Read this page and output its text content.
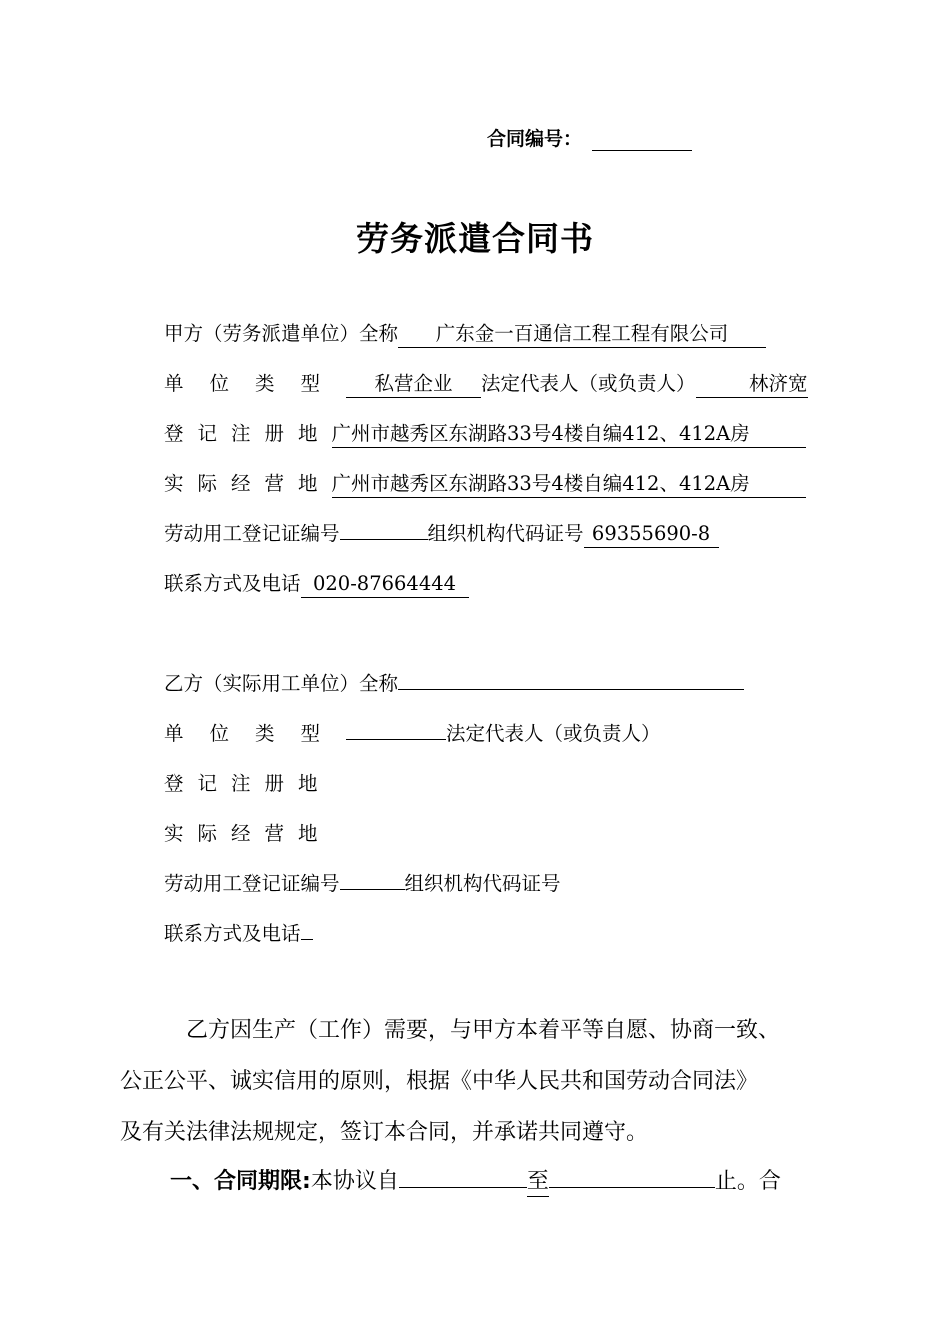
合同编号：
劳务派遣合同书
甲方（劳务派遣单位）全称 广东金一百通信工程工程有限公司
单位类型 私营企业 法定代表人（或负责人）	林济宽
登记注册地广州市越秀区东湖路33号4楼自编412、412A房
实际经营地广州市越秀区东湖路33号4楼自编412、412A房
劳动用工登记证编号	组织机构代码证号 69355690-8
联系方式及电话 020-87664444
乙方（实际用工单位）全称
单位类型	法定代表人（或负责人）
登记注册地
实际经营地
劳动用工登记证编号	组织机构代码证号
联系方式及电话
乙方因生产（工作）需要，与甲方本着平等自愿、协商一致、
公正公平、诚实信用的原则，根据《中华人民共和国劳动合同法》
及有关法律法规规定，签订本合同，并承诺共同遵守。
一、合同期限:本协议自	至	止。合
